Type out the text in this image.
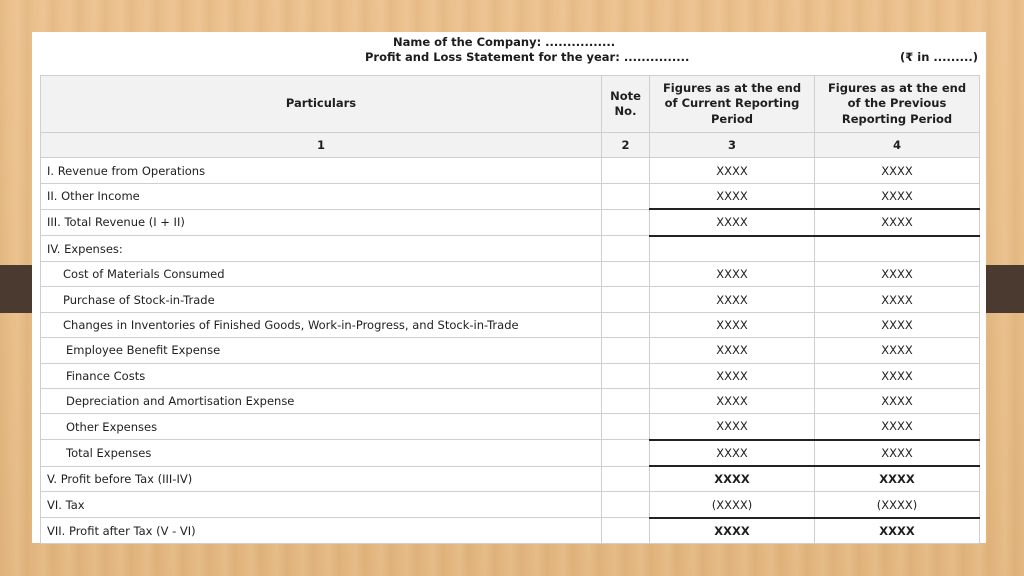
Name of the Company: ................

Profit and Loss Statement for the year: ...............	(₹ in .........)

Particulars	Note No.	Figures as at the end of Current Reporting Period	Figures as at the end of the Previous Reporting Period
1	2	3	4
I. Revenue from Operations		XXXX	XXXX
II. Other Income		XXXX	XXXX
III. Total Revenue (I + II)		XXXX	XXXX
IV. Expenses:			
Cost of Materials Consumed		XXXX	XXXX
Purchase of Stock-in-Trade		XXXX	XXXX
Changes in Inventories of Finished Goods, Work-in-Progress, and Stock-in-Trade		XXXX	XXXX
Employee Benefit Expense		XXXX	XXXX
Finance Costs		XXXX	XXXX
Depreciation and Amortisation Expense		XXXX	XXXX
Other Expenses		XXXX	XXXX
Total Expenses		XXXX	XXXX
V. Profit before Tax (III-IV)		XXXX	XXXX
VI. Tax		(XXXX)	(XXXX)
VII. Profit after Tax (V - VI)		XXXX	XXXX
